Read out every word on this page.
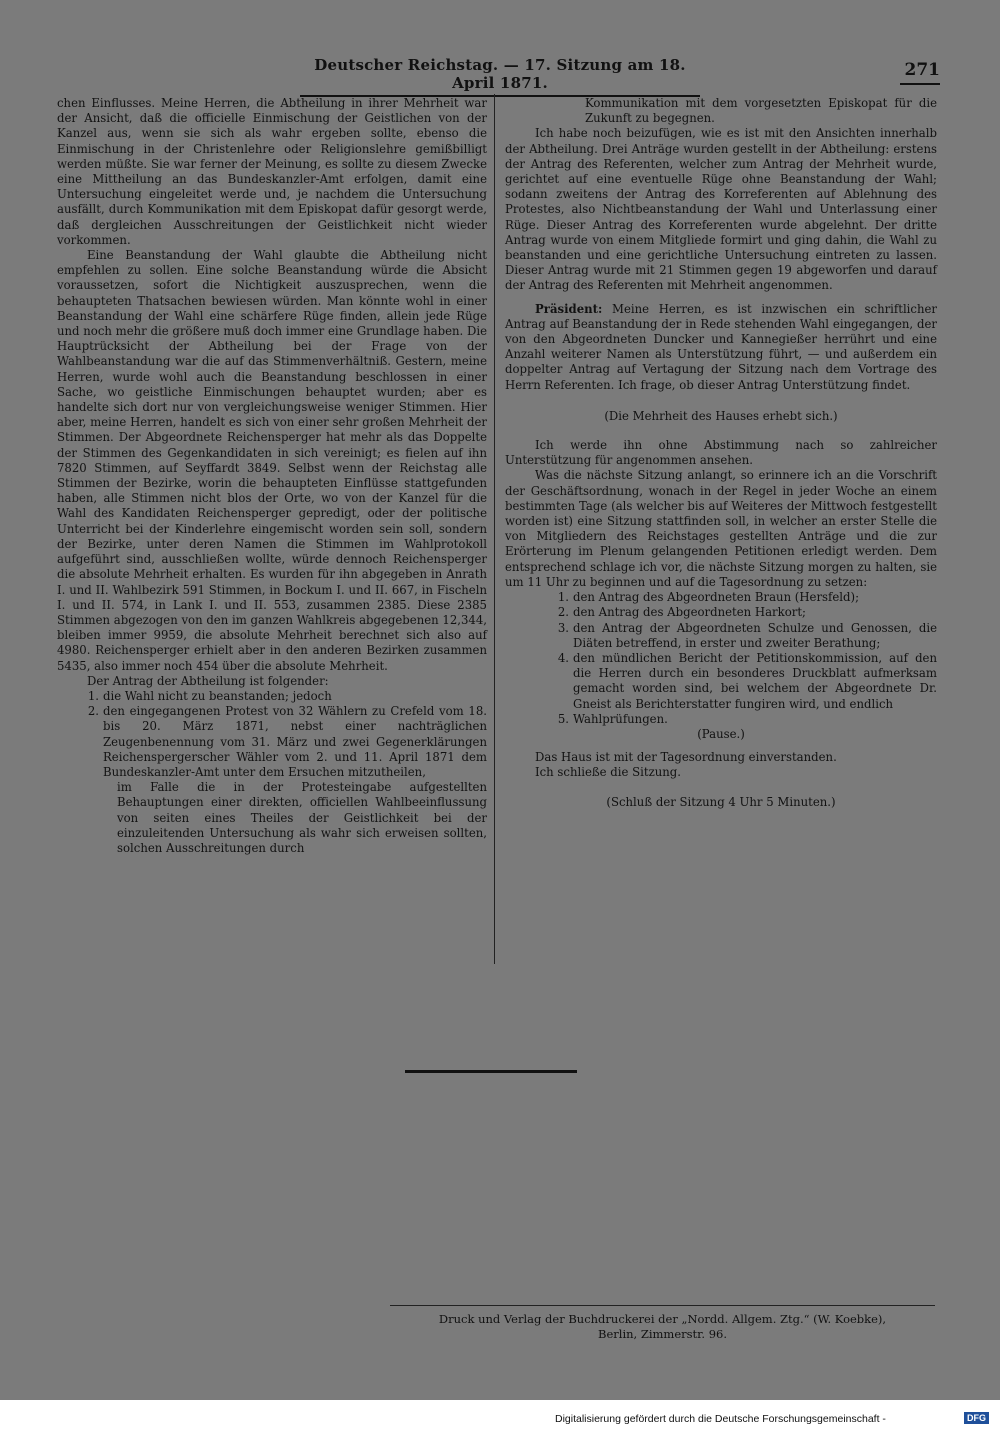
Deutscher Reichstag. — 17. Sitzung am 18. April 1871.
271

chen Einflusses. Meine Herren, die Abtheilung in ihrer Mehrheit war der Ansicht, daß die officielle Einmischung der Geistlichen von der Kanzel aus, wenn sie sich als wahr ergeben sollte, ebenso die Einmischung in der Christenlehre oder Religionslehre gemißbilligt werden müßte. Sie war ferner der Meinung, es sollte zu diesem Zwecke eine Mittheilung an das Bundeskanzler-Amt erfolgen, damit eine Untersuchung eingeleitet werde und, je nachdem die Untersuchung ausfällt, durch Kommunikation mit dem Episkopat dafür gesorgt werde, daß dergleichen Ausschreitungen der Geistlichkeit nicht wieder vorkommen.

Eine Beanstandung der Wahl glaubte die Abtheilung nicht empfehlen zu sollen. Eine solche Beanstandung würde die Absicht voraussetzen, sofort die Nichtigkeit auszusprechen, wenn die behaupteten Thatsachen bewiesen würden. Man könnte wohl in einer Beanstandung der Wahl eine schärfere Rüge finden, allein jede Rüge und noch mehr die größere muß doch immer eine Grundlage haben. Die Hauptrücksicht der Abtheilung bei der Frage von der Wahlbeanstandung war die auf das Stimmenverhältniß. Gestern, meine Herren, wurde wohl auch die Beanstandung beschlossen in einer Sache, wo geistliche Einmischungen behauptet wurden; aber es handelte sich dort nur von vergleichungsweise weniger Stimmen. Hier aber, meine Herren, handelt es sich von einer sehr großen Mehrheit der Stimmen. Der Abgeordnete Reichensperger hat mehr als das Doppelte der Stimmen des Gegenkandidaten in sich vereinigt; es fielen auf ihn 7820 Stimmen, auf Seyffardt 3849. Selbst wenn der Reichstag alle Stimmen der Bezirke, worin die behaupteten Einflüsse stattgefunden haben, alle Stimmen nicht blos der Orte, wo von der Kanzel für die Wahl des Kandidaten Reichensperger gepredigt, oder der politische Unterricht bei der Kinderlehre eingemischt worden sein soll, sondern der Bezirke, unter deren Namen die Stimmen im Wahlprotokoll aufgeführt sind, ausschließen wollte, würde dennoch Reichensperger die absolute Mehrheit erhalten. Es wurden für ihn abgegeben in Anrath I. und II. Wahlbezirk 591 Stimmen, in Bockum I. und II. 667, in Fischeln I. und II. 574, in Lank I. und II. 553, zusammen 2385. Diese 2385 Stimmen abgezogen von den im ganzen Wahlkreis abgegebenen 12,344, bleiben immer 9959, die absolute Mehrheit berechnet sich also auf 4980. Reichensperger erhielt aber in den anderen Bezirken zusammen 5435, also immer noch 454 über die absolute Mehrheit.

Der Antrag der Abtheilung ist folgender:

1. die Wahl nicht zu beanstanden; jedoch
2. den eingegangenen Protest von 32 Wählern zu Crefeld vom 18. bis 20. März 1871, nebst einer nachträglichen Zeugenbenennung vom 31. März und zwei Gegenerklärungen Reichenspergerscher Wähler vom 2. und 11. April 1871 dem Bundeskanzler-Amt unter dem Ersuchen mitzutheilen,

im Falle die in der Protesteingabe aufgestellten Behauptungen einer direkten, officiellen Wahlbeeinflussung von seiten eines Theiles der Geistlichkeit bei der einzuleitenden Untersuchung als wahr sich erweisen sollten, solchen Ausschreitungen durch

Kommunikation mit dem vorgesetzten Episkopat für die Zukunft zu begegnen.

Ich habe noch beizufügen, wie es ist mit den Ansichten innerhalb der Abtheilung. Drei Anträge wurden gestellt in der Abtheilung: erstens der Antrag des Referenten, welcher zum Antrag der Mehrheit wurde, gerichtet auf eine eventuelle Rüge ohne Beanstandung der Wahl; sodann zweitens der Antrag des Korreferenten auf Ablehnung des Protestes, also Nichtbeanstandung der Wahl und Unterlassung einer Rüge. Dieser Antrag des Korreferenten wurde abgelehnt. Der dritte Antrag wurde von einem Mitgliede formirt und ging dahin, die Wahl zu beanstanden und eine gerichtliche Untersuchung eintreten zu lassen. Dieser Antrag wurde mit 21 Stimmen gegen 19 abgeworfen und darauf der Antrag des Referenten mit Mehrheit angenommen.

Präsident: Meine Herren, es ist inzwischen ein schriftlicher Antrag auf Beanstandung der in Rede stehenden Wahl eingegangen, der von den Abgeordneten Duncker und Kannegießer herrührt und eine Anzahl weiterer Namen als Unterstützung führt, — und außerdem ein doppelter Antrag auf Vertagung der Sitzung nach dem Vortrage des Herrn Referenten. Ich frage, ob dieser Antrag Unterstützung findet.

(Die Mehrheit des Hauses erhebt sich.)

Ich werde ihn ohne Abstimmung nach so zahlreicher Unterstützung für angenommen ansehen.

Was die nächste Sitzung anlangt, so erinnere ich an die Vorschrift der Geschäftsordnung, wonach in der Regel in jeder Woche an einem bestimmten Tage (als welcher bis auf Weiteres der Mittwoch festgestellt worden ist) eine Sitzung stattfinden soll, in welcher an erster Stelle die von Mitgliedern des Reichstages gestellten Anträge und die zur Erörterung im Plenum gelangenden Petitionen erledigt werden. Dem entsprechend schlage ich vor, die nächste Sitzung morgen zu halten, sie um 11 Uhr zu beginnen und auf die Tagesordnung zu setzen:

1. den Antrag des Abgeordneten Braun (Hersfeld);
2. den Antrag des Abgeordneten Harkort;
3. den Antrag der Abgeordneten Schulze und Genossen, die Diäten betreffend, in erster und zweiter Berathung;
4. den mündlichen Bericht der Petitionskommission, auf den die Herren durch ein besonderes Druckblatt aufmerksam gemacht worden sind, bei welchem der Abgeordnete Dr. Gneist als Berichterstatter fungiren wird, und endlich
5. Wahlprüfungen.

(Pause.)

Das Haus ist mit der Tagesordnung einverstanden.

Ich schließe die Sitzung.

(Schluß der Sitzung 4 Uhr 5 Minuten.)

Druck und Verlag der Buchdruckerei der „Nordd. Allgem. Ztg.“ (W. Koebke),
Berlin, Zimmerstr. 96.
Digitalisierung gefördert durch die Deutsche Forschungsgemeinschaft -	DFG
